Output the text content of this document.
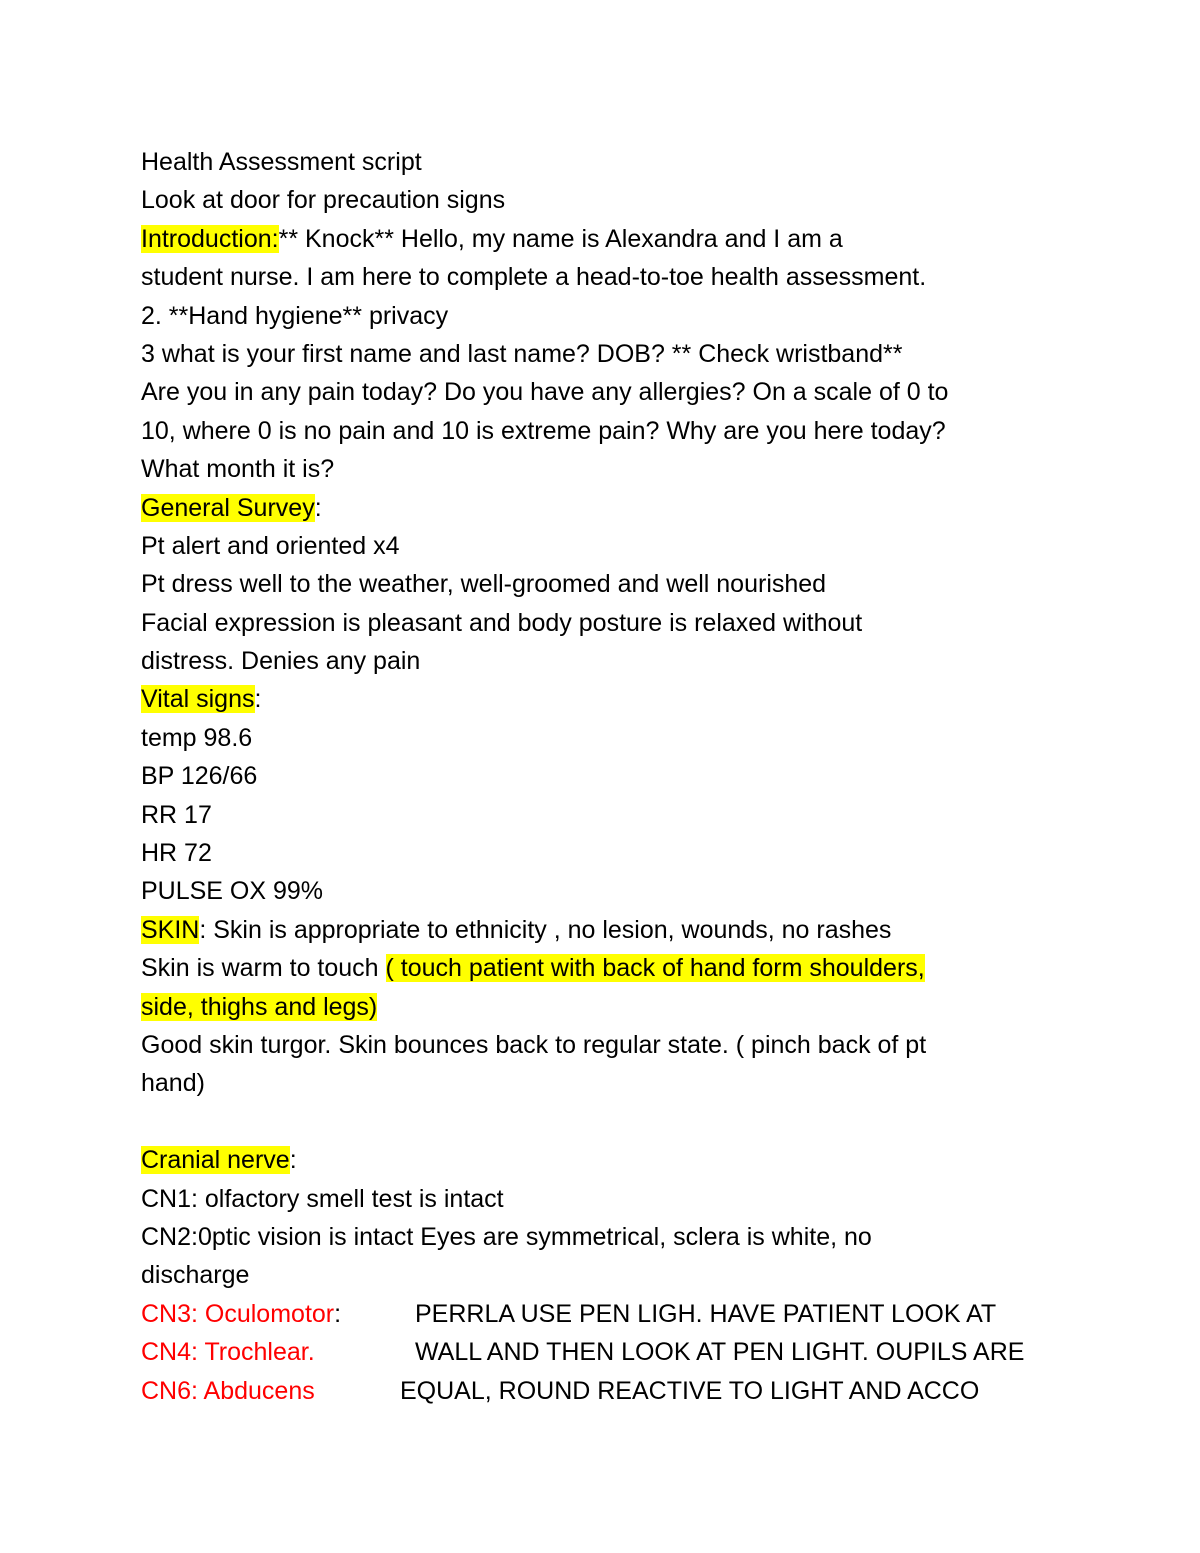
Health Assessment script
Look at door for precaution signs
Introduction:** Knock** Hello, my name is Alexandra and I am a
student nurse. I am here to complete a head-to-toe health assessment.
2. **Hand hygiene** privacy
3 what is your first name and last name? DOB? ** Check wristband**
Are you in any pain today? Do you have any allergies? On a scale of 0 to
10, where 0 is no pain and 10 is extreme pain? Why are you here today?
What month it is?
General Survey:
Pt alert and oriented x4
Pt dress well to the weather, well-groomed and well nourished
Facial expression is pleasant and body posture is relaxed without
distress. Denies any pain
Vital signs:
temp 98.6
BP 126/66
RR 17
HR 72
PULSE OX 99%
SKIN: Skin is appropriate to ethnicity , no lesion, wounds, no rashes
Skin is warm to touch ( touch patient with back of hand form shoulders,
side, thighs and legs)
Good skin turgor. Skin bounces back to regular state. ( pinch back of pt
hand)
Cranial nerve:
CN1: olfactory smell test is intact
CN2:0ptic vision is intact Eyes are symmetrical, sclera is white, no
discharge
CN3: Oculomotor:	PERRLA USE PEN LIGH. HAVE PATIENT LOOK AT
CN4: Trochlear.	WALL AND THEN LOOK AT PEN LIGHT. OUPILS ARE
CN6: Abducens	EQUAL, ROUND REACTIVE TO LIGHT AND ACCO
